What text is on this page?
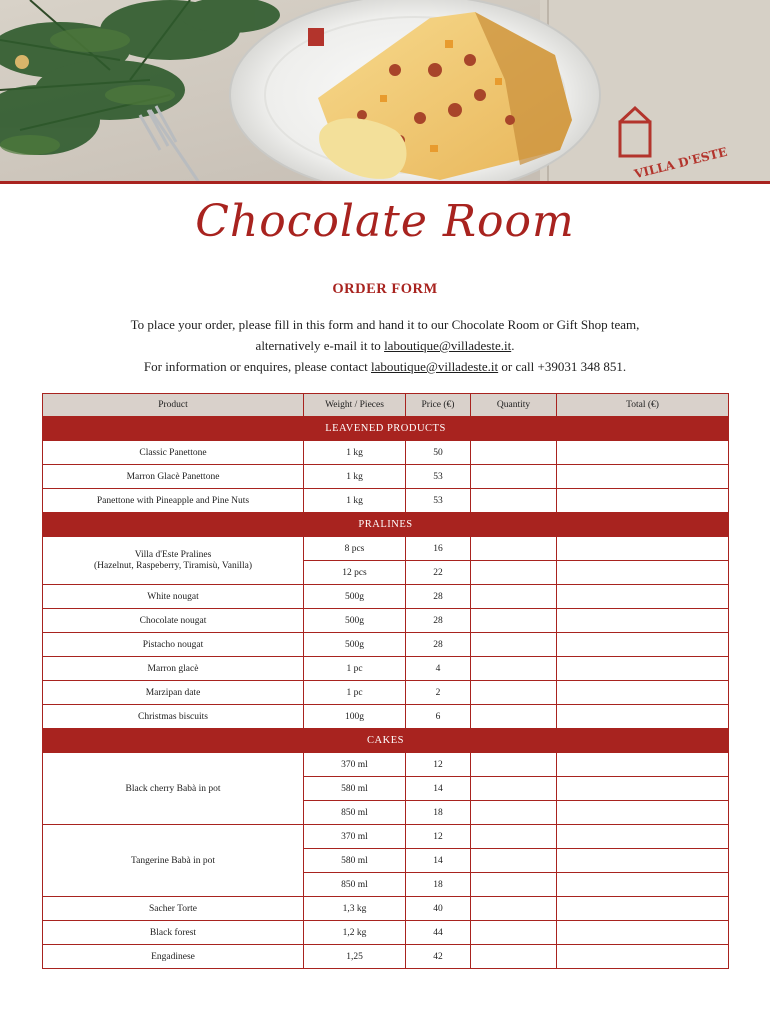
VILLA D'ESTE
Chocolate Room
ORDER FORM
To place your order, please fill in this form and hand it to our Chocolate Room or Gift Shop team,
alternatively e-mail it to laboutique@villadeste.it.
For information or enquires, please contact laboutique@villadeste.it or call +39031 348 851.
Product	Weight / Pieces	Price (€)	Quantity	Total (€)
LEAVENED PRODUCTS				
Classic Panettone	1 kg	50		
Marron Glacè Panettone	1 kg	53		
Panettone with Pineapple and Pine Nuts	1 kg	53		
PRALINES				

Villa d'Este Pralines
(Hazelnut, Raspeberry, Tiramisù, Vanilla)	8 pcs	16		
	12 pcs	22		
White nougat	500g	28		
Chocolate nougat	500g	28		
Pistacho nougat	500g	28		
Marron glacè	1 pc	4		
Marzipan date	1 pc	2		
Christmas biscuits	100g	6		
CAKES				
Black cherry Babà in pot	370 ml	12		
	580 ml	14		
	850 ml	18		
Tangerine Babà in pot	370 ml	12		
	580 ml	14		
	850 ml	18		
Sacher Torte	1,3 kg	40		
Black forest	1,2 kg	44		
Engadinese	1,25	42		
